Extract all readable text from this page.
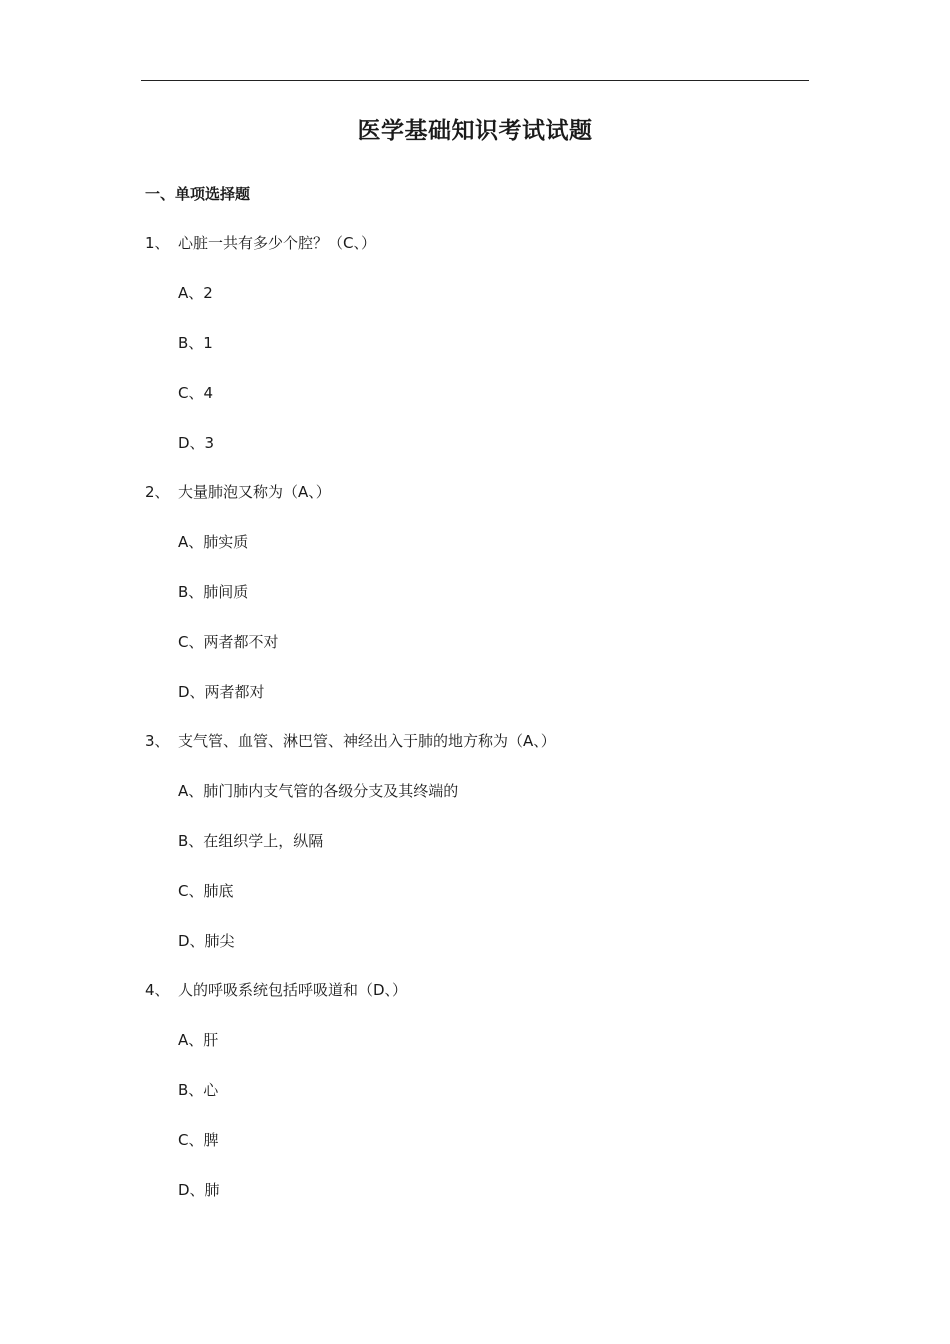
医学基础知识考试试题
一、单项选择题
1、 心脏一共有多少个腔？（C、）
A、2
B、1
C、4
D、3
2、 大量肺泡又称为（A、）
A、肺实质
B、肺间质
C、两者都不对
D、两者都对
3、 支气管、血管、淋巴管、神经出入于肺的地方称为（A、）
A、肺门肺内支气管的各级分支及其终端的
B、在组织学上，纵隔
C、肺底
D、肺尖
4、 人的呼吸系统包括呼吸道和（D、）
A、肝
B、心
C、脾
D、肺
